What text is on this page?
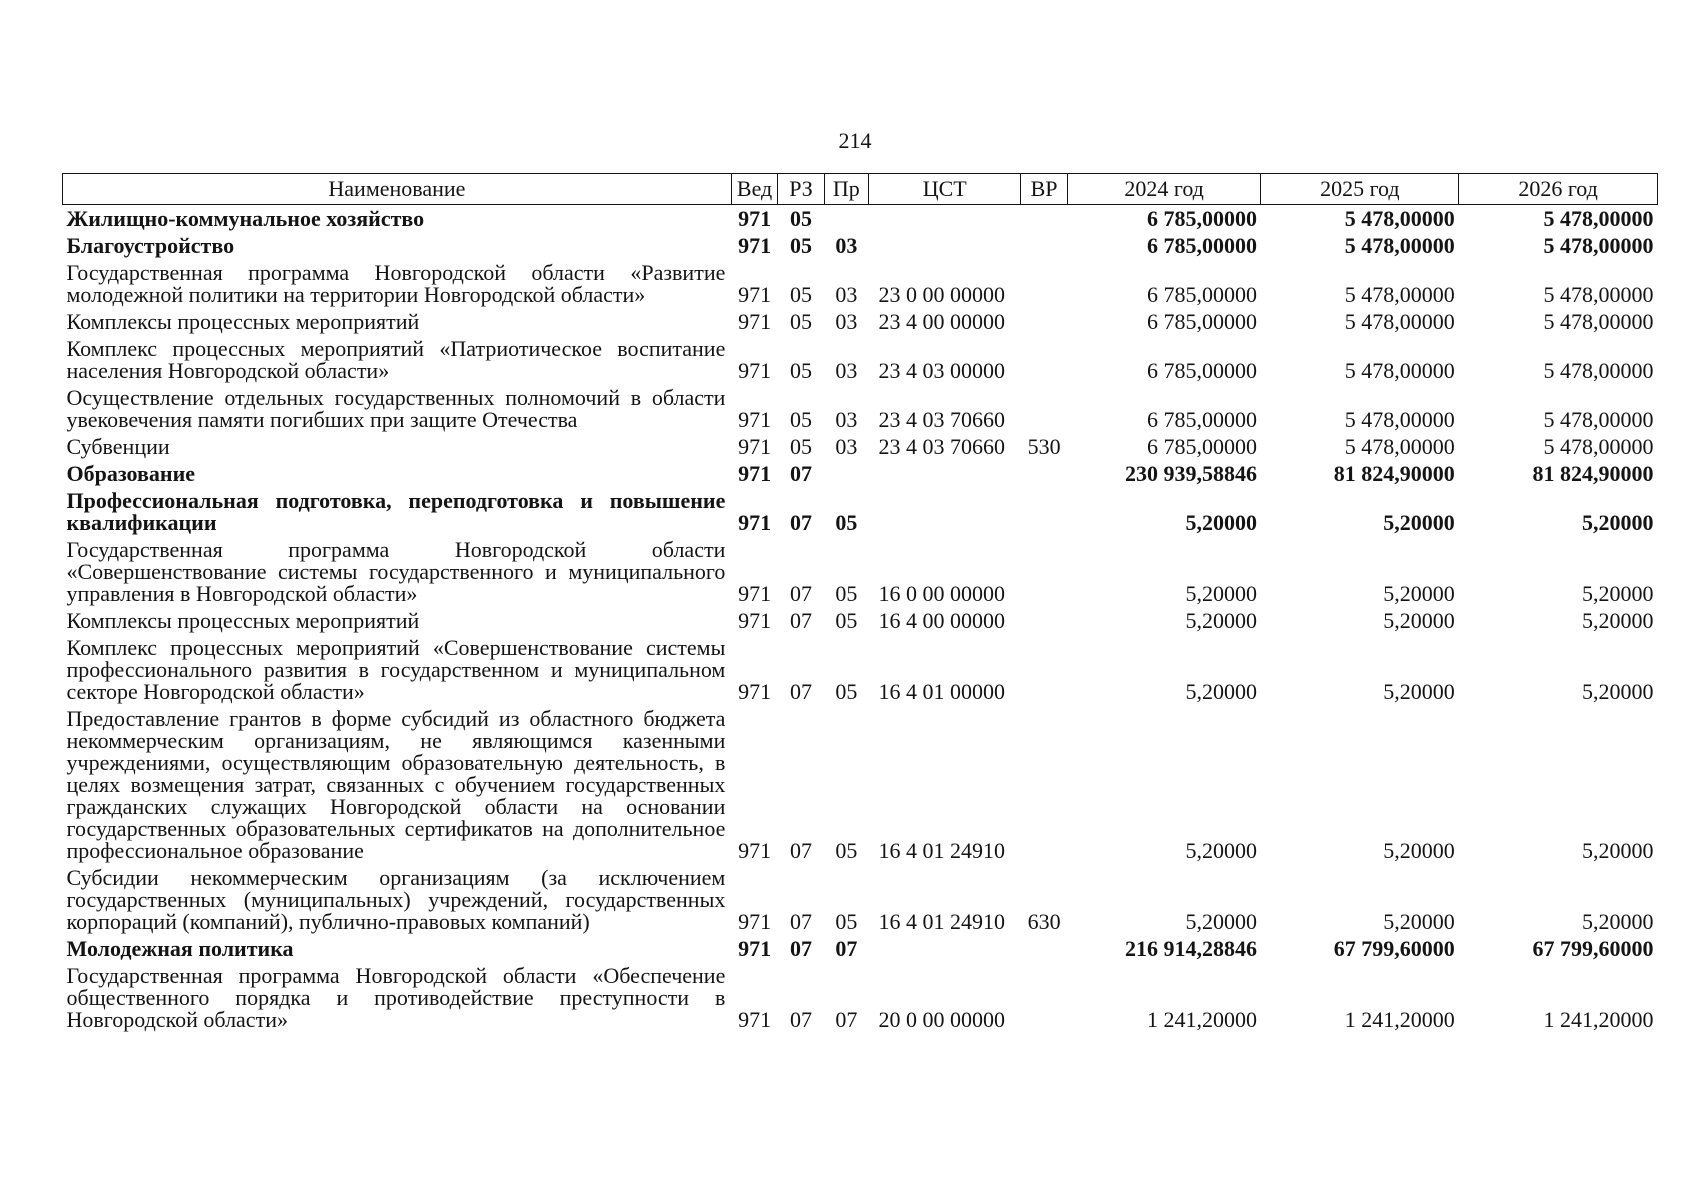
214
Наименование	Вед	РЗ	Пр	ЦСТ	ВР	2024 год	2025 год	2026 год
Жилищно-коммунальное хозяйство	971	05				6 785,00000	5 478,00000	5 478,00000
Благоустройство	971	05	03			6 785,00000	5 478,00000	5 478,00000
Государственная программа Новгородской области «Развитие молодежной политики на территории Новгородской области»	971	05	03	23 0 00 00000		6 785,00000	5 478,00000	5 478,00000
Комплексы процессных мероприятий	971	05	03	23 4 00 00000		6 785,00000	5 478,00000	5 478,00000
Комплекс процессных мероприятий «Патриотическое воспитание населения Новгородской области»	971	05	03	23 4 03 00000		6 785,00000	5 478,00000	5 478,00000
Осуществление отдельных государственных полномочий в области увековечения памяти погибших при защите Отечества	971	05	03	23 4 03 70660		6 785,00000	5 478,00000	5 478,00000
Субвенции	971	05	03	23 4 03 70660	530	6 785,00000	5 478,00000	5 478,00000
Образование	971	07				230 939,58846	81 824,90000	81 824,90000
Профессиональная подготовка, переподготовка и повышение квалификации	971	07	05			5,20000	5,20000	5,20000
Государственная программа Новгородской области «Совершенствование системы государственного и муниципального управления в Новгородской области»	971	07	05	16 0 00 00000		5,20000	5,20000	5,20000
Комплексы процессных мероприятий	971	07	05	16 4 00 00000		5,20000	5,20000	5,20000
Комплекс процессных мероприятий «Совершенствование системы профессионального развития в государственном и муниципальном секторе Новгородской области»	971	07	05	16 4 01 00000		5,20000	5,20000	5,20000
Предоставление грантов в форме субсидий из областного бюджета некоммерческим организациям, не являющимся казенными учреждениями, осуществляющим образовательную деятельность, в целях возмещения затрат, связанных с обучением государственных гражданских служащих Новгородской области на основании государственных образовательных сертификатов на дополнительное профессиональное образование	971	07	05	16 4 01 24910		5,20000	5,20000	5,20000
Субсидии некоммерческим организациям (за исключением государственных (муниципальных) учреждений, государственных корпораций (компаний), публично-правовых компаний)	971	07	05	16 4 01 24910	630	5,20000	5,20000	5,20000
Молодежная политика	971	07	07			216 914,28846	67 799,60000	67 799,60000
Государственная программа Новгородской области «Обеспечение общественного порядка и противодействие преступности в Новгородской области»	971	07	07	20 0 00 00000		1 241,20000	1 241,20000	1 241,20000
